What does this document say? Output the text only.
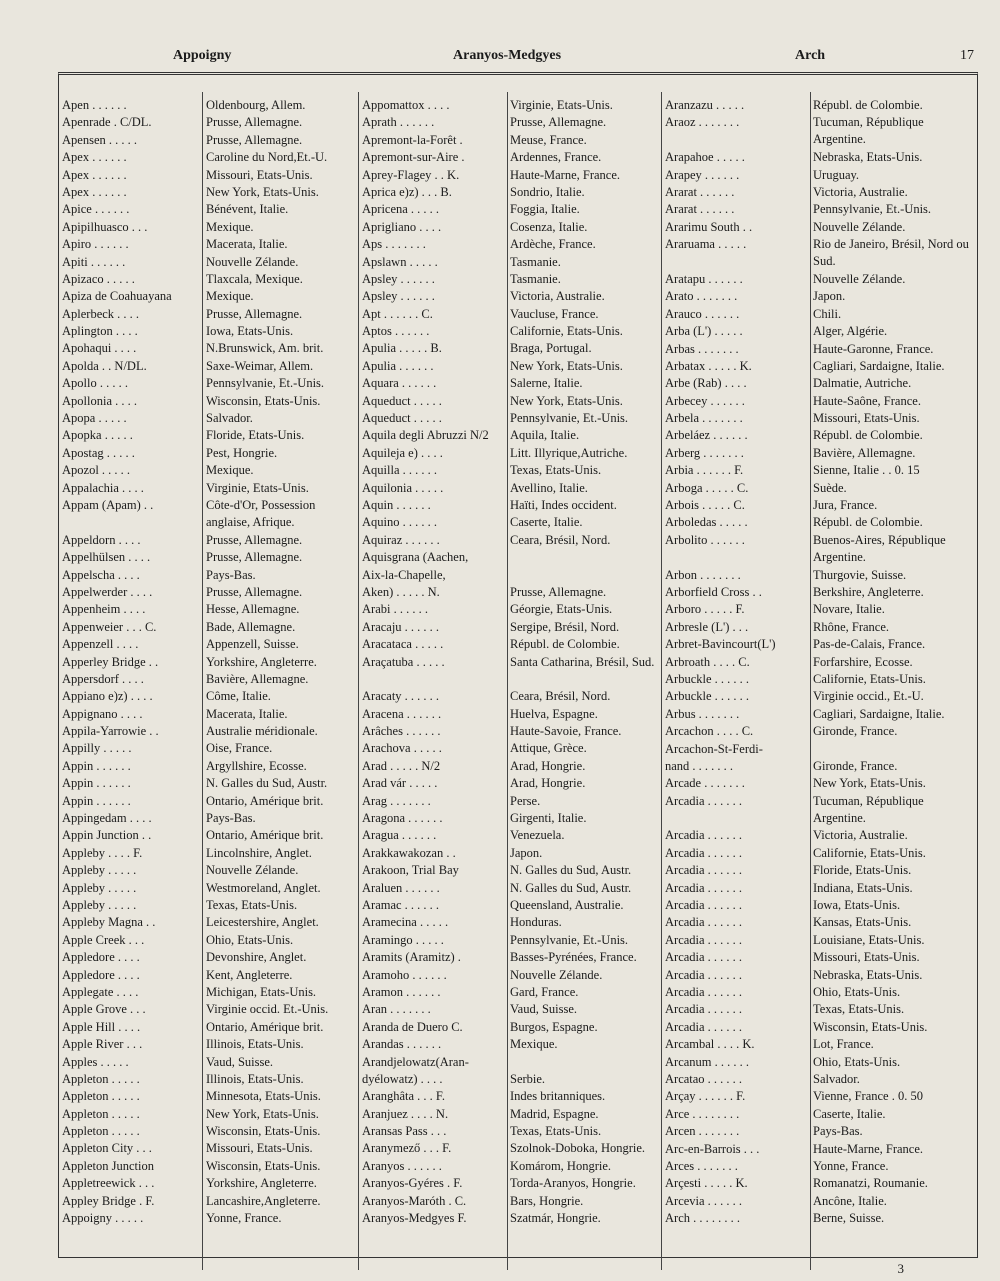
Appoigny	Aranyos-Medgyes	Arch	17
Apen . . . . . .	Oldenbourg, Allem.
Apenrade . C/DL.	Prusse, Allemagne.
Apensen . . . . .	Prusse, Allemagne.
Apex . . . . . .	Caroline du Nord,Et.-U.
Apex . . . . . .	Missouri, Etats-Unis.
Apex . . . . . .	New York, Etats-Unis.
Apice . . . . . .	Bénévent, Italie.
Apipilhuasco . . .	Mexique.
Apiro . . . . . .	Macerata, Italie.
Apiti . . . . . .	Nouvelle Zélande.
Apizaco . . . . .	Tlaxcala, Mexique.
Apiza de Coahuayana	Mexique.
Aplerbeck . . . .	Prusse, Allemagne.
Aplington . . . .	Iowa, Etats-Unis.
Apohaqui . . . .	N.Brunswick, Am. brit.
Apolda . . N/DL.	Saxe-Weimar, Allem.
Apollo . . . . .	Pennsylvanie, Et.-Unis.
Apollonia . . . .	Wisconsin, Etats-Unis.
Apopa . . . . .	Salvador.
Apopka . . . . .	Floride, Etats-Unis.
Apostag . . . . .	Pest, Hongrie.
Apozol . . . . .	Mexique.
Appalachia . . . .	Virginie, Etats-Unis.
Appam (Apam) . .	Côte-d'Or, Possession anglaise, Afrique.
Appeldorn . . . .	Prusse, Allemagne.
Appelhülsen . . . .	Prusse, Allemagne.
Appelscha . . . .	Pays-Bas.
Appelwerder . . . .	Prusse, Allemagne.
Appenheim . . . .	Hesse, Allemagne.
Appenweier . . . C.	Bade, Allemagne.
Appenzell . . . .	Appenzell, Suisse.
Apperley Bridge . .	Yorkshire, Angleterre.
Appersdorf . . . .	Bavière, Allemagne.
Appiano e)z) . . . .	Côme, Italie.
Appignano . . . .	Macerata, Italie.
Appila-Yarrowie . .	Australie méridionale.
Appilly . . . . .	Oise, France.
Appin . . . . . .	Argyllshire, Ecosse.
Appin . . . . . .	N. Galles du Sud, Austr.
Appin . . . . . .	Ontario, Amérique brit.
Appingedam . . . .	Pays-Bas.
Appin Junction . .	Ontario, Amérique brit.
Appleby . . . . F.	Lincolnshire, Anglet.
Appleby . . . . .	Nouvelle Zélande.
Appleby . . . . .	Westmoreland, Anglet.
Appleby . . . . .	Texas, Etats-Unis.
Appleby Magna . .	Leicestershire, Anglet.
Apple Creek . . .	Ohio, Etats-Unis.
Appledore . . . .	Devonshire, Anglet.
Appledore . . . .	Kent, Angleterre.
Applegate . . . .	Michigan, Etats-Unis.
Apple Grove . . .	Virginie occid. Et.-Unis.
Apple Hill . . . .	Ontario, Amérique brit.
Apple River . . .	Illinois, Etats-Unis.
Apples . . . . .	Vaud, Suisse.
Appleton . . . . .	Illinois, Etats-Unis.
Appleton . . . . .	Minnesota, Etats-Unis.
Appleton . . . . .	New York, Etats-Unis.
Appleton . . . . .	Wisconsin, Etats-Unis.
Appleton City . . .	Missouri, Etats-Unis.
Appleton Junction	Wisconsin, Etats-Unis.
Appletreewick . . .	Yorkshire, Angleterre.
Appley Bridge . F.	Lancashire,Angleterre.
Appoigny . . . . .	Yonne, France.
Appomattox . . . .	Virginie, Etats-Unis.
Aprath . . . . . .	Prusse, Allemagne.
Apremont-la-Forêt .	Meuse, France.
Apremont-sur-Aire .	Ardennes, France.
Aprey-Flagey . . K.	Haute-Marne, France.
Aprica e)z) . . . B.	Sondrio, Italie.
Apricena . . . . .	Foggia, Italie.
Aprigliano . . . .	Cosenza, Italie.
Aps . . . . . . .	Ardèche, France.
Apslawn . . . . .	Tasmanie.
Apsley . . . . . .	Tasmanie.
Apsley . . . . . .	Victoria, Australie.
Apt . . . . . . C.	Vaucluse, France.
Aptos . . . . . .	Californie, Etats-Unis.
Apulia . . . . . B.	Braga, Portugal.
Apulia . . . . . .	New York, Etats-Unis.
Aquara . . . . . .	Salerne, Italie.
Aqueduct . . . . .	New York, Etats-Unis.
Aqueduct . . . . .	Pennsylvanie, Et.-Unis.
Aquila degli Abruzzi N/2	Aquila, Italie.
Aquileja e) . . . .	Litt. Illyrique,Autriche.
Aquilla . . . . . .	Texas, Etats-Unis.
Aquilonia . . . . .	Avellino, Italie.
Aquin . . . . . .	Haïti, Indes occident.
Aquino . . . . . .	Caserte, Italie.
Aquiraz . . . . . .	Ceara, Brésil, Nord.
Aquisgrana (Aachen,
Aix-la-Chapelle,
Aken) . . . . . N.	Prusse, Allemagne.
Arabi . . . . . .	Géorgie, Etats-Unis.
Aracaju . . . . . .	Sergipe, Brésil, Nord.
Aracataca . . . . .	Républ. de Colombie.
Araçatuba . . . . .	Santa Catharina, Brésil, Sud.
Aracaty . . . . . .	Ceara, Brésil, Nord.
Aracena . . . . . .	Huelva, Espagne.
Arâches . . . . . .	Haute-Savoie, France.
Arachova . . . . .	Attique, Grèce.
Arad . . . . . N/2	Arad, Hongrie.
Arad vár . . . . .	Arad, Hongrie.
Arag . . . . . . .	Perse.
Aragona . . . . . .	Girgenti, Italie.
Aragua . . . . . .	Venezuela.
Arakkawakozan . .	Japon.
Arakoon, Trial Bay	N. Galles du Sud, Austr.
Araluen . . . . . .	N. Galles du Sud, Austr.
Aramac . . . . . .	Queensland, Australie.
Aramecina . . . . .	Honduras.
Aramingo . . . . .	Pennsylvanie, Et.-Unis.
Aramits (Aramitz) .	Basses-Pyrénées, France.
Aramoho . . . . . .	Nouvelle Zélande.
Aramon . . . . . .	Gard, France.
Aran . . . . . . .	Vaud, Suisse.
Aranda de Duero C.	Burgos, Espagne.
Arandas . . . . . .	Mexique.
Arandjelowatz(Aran-
dyélowatz) . . . .	Serbie.
Aranghâta . . . F.	Indes britanniques.
Aranjuez . . . . N.	Madrid, Espagne.
Aransas Pass . . .	Texas, Etats-Unis.
Aranymező . . . F.	Szolnok-Doboka, Hongrie.
Aranyos . . . . . .	Komárom, Hongrie.
Aranyos-Gyéres . F.	Torda-Aranyos, Hongrie.
Aranyos-Maróth . C.	Bars, Hongrie.
Aranyos-Medgyes F.	Szatmár, Hongrie.
Aranzazu . . . . .	Républ. de Colombie.
Araoz . . . . . . .	Tucuman, République Argentine.
Arapahoe . . . . .	Nebraska, Etats-Unis.
Arapey . . . . . .	Uruguay.
Ararat . . . . . .	Victoria, Australie.
Ararat . . . . . .	Pennsylvanie, Et.-Unis.
Ararimu South . .	Nouvelle Zélande.
Araruama . . . . .	Rio de Janeiro, Brésil, Nord ou Sud.
Aratapu . . . . . .	Nouvelle Zélande.
Arato . . . . . . .	Japon.
Arauco . . . . . .	Chili.
Arba (L') . . . . .	Alger, Algérie.
Arbas . . . . . . .	Haute-Garonne, France.
Arbatax . . . . . K.	Cagliari, Sardaigne, Italie.
Arbe (Rab) . . . .	Dalmatie, Autriche.
Arbecey . . . . . .	Haute-Saône, France.
Arbela . . . . . . .	Missouri, Etats-Unis.
Arbeláez . . . . . .	Républ. de Colombie.
Arberg . . . . . . .	Bavière, Allemagne.
Arbia . . . . . . F.	Sienne, Italie . . 0. 15
Arboga . . . . . C.	Suède.
Arbois . . . . . C.	Jura, France.
Arboledas . . . . .	Républ. de Colombie.
Arbolito . . . . . .	Buenos-Aires, République Argentine.
Arbon . . . . . . .	Thurgovie, Suisse.
Arborfield Cross . .	Berkshire, Angleterre.
Arboro . . . . . F.	Novare, Italie.
Arbresle (L') . . .	Rhône, France.
Arbret-Bavincourt(L')	Pas-de-Calais, France.
Arbroath . . . . C.	Forfarshire, Ecosse.
Arbuckle . . . . . .	Californie, Etats-Unis.
Arbuckle . . . . . .	Virginie occid., Et.-U.
Arbus . . . . . . .	Cagliari, Sardaigne, Italie.
Arcachon . . . . C.	Gironde, France.
Arcachon-St-Ferdi-
nand . . . . . . .	Gironde, France.
Arcade . . . . . . .	New York, Etats-Unis.
Arcadia . . . . . .	Tucuman, République Argentine.
Arcadia . . . . . .	Victoria, Australie.
Arcadia . . . . . .	Californie, Etats-Unis.
Arcadia . . . . . .	Floride, Etats-Unis.
Arcadia . . . . . .	Indiana, Etats-Unis.
Arcadia . . . . . .	Iowa, Etats-Unis.
Arcadia . . . . . .	Kansas, Etats-Unis.
Arcadia . . . . . .	Louisiane, Etats-Unis.
Arcadia . . . . . .	Missouri, Etats-Unis.
Arcadia . . . . . .	Nebraska, Etats-Unis.
Arcadia . . . . . .	Ohio, Etats-Unis.
Arcadia . . . . . .	Texas, Etats-Unis.
Arcadia . . . . . .	Wisconsin, Etats-Unis.
Arcambal . . . . K.	Lot, France.
Arcanum . . . . . .	Ohio, Etats-Unis.
Arcatao . . . . . .	Salvador.
Arçay . . . . . . F.	Vienne, France . 0. 50
Arce . . . . . . . .	Caserte, Italie.
Arcen . . . . . . .	Pays-Bas.
Arc-en-Barrois . . .	Haute-Marne, France.
Arces . . . . . . .	Yonne, France.
Arçesti . . . . . K.	Romanatzi, Roumanie.
Arcevia . . . . . .	Ancône, Italie.
Arch . . . . . . . .	Berne, Suisse.
3
